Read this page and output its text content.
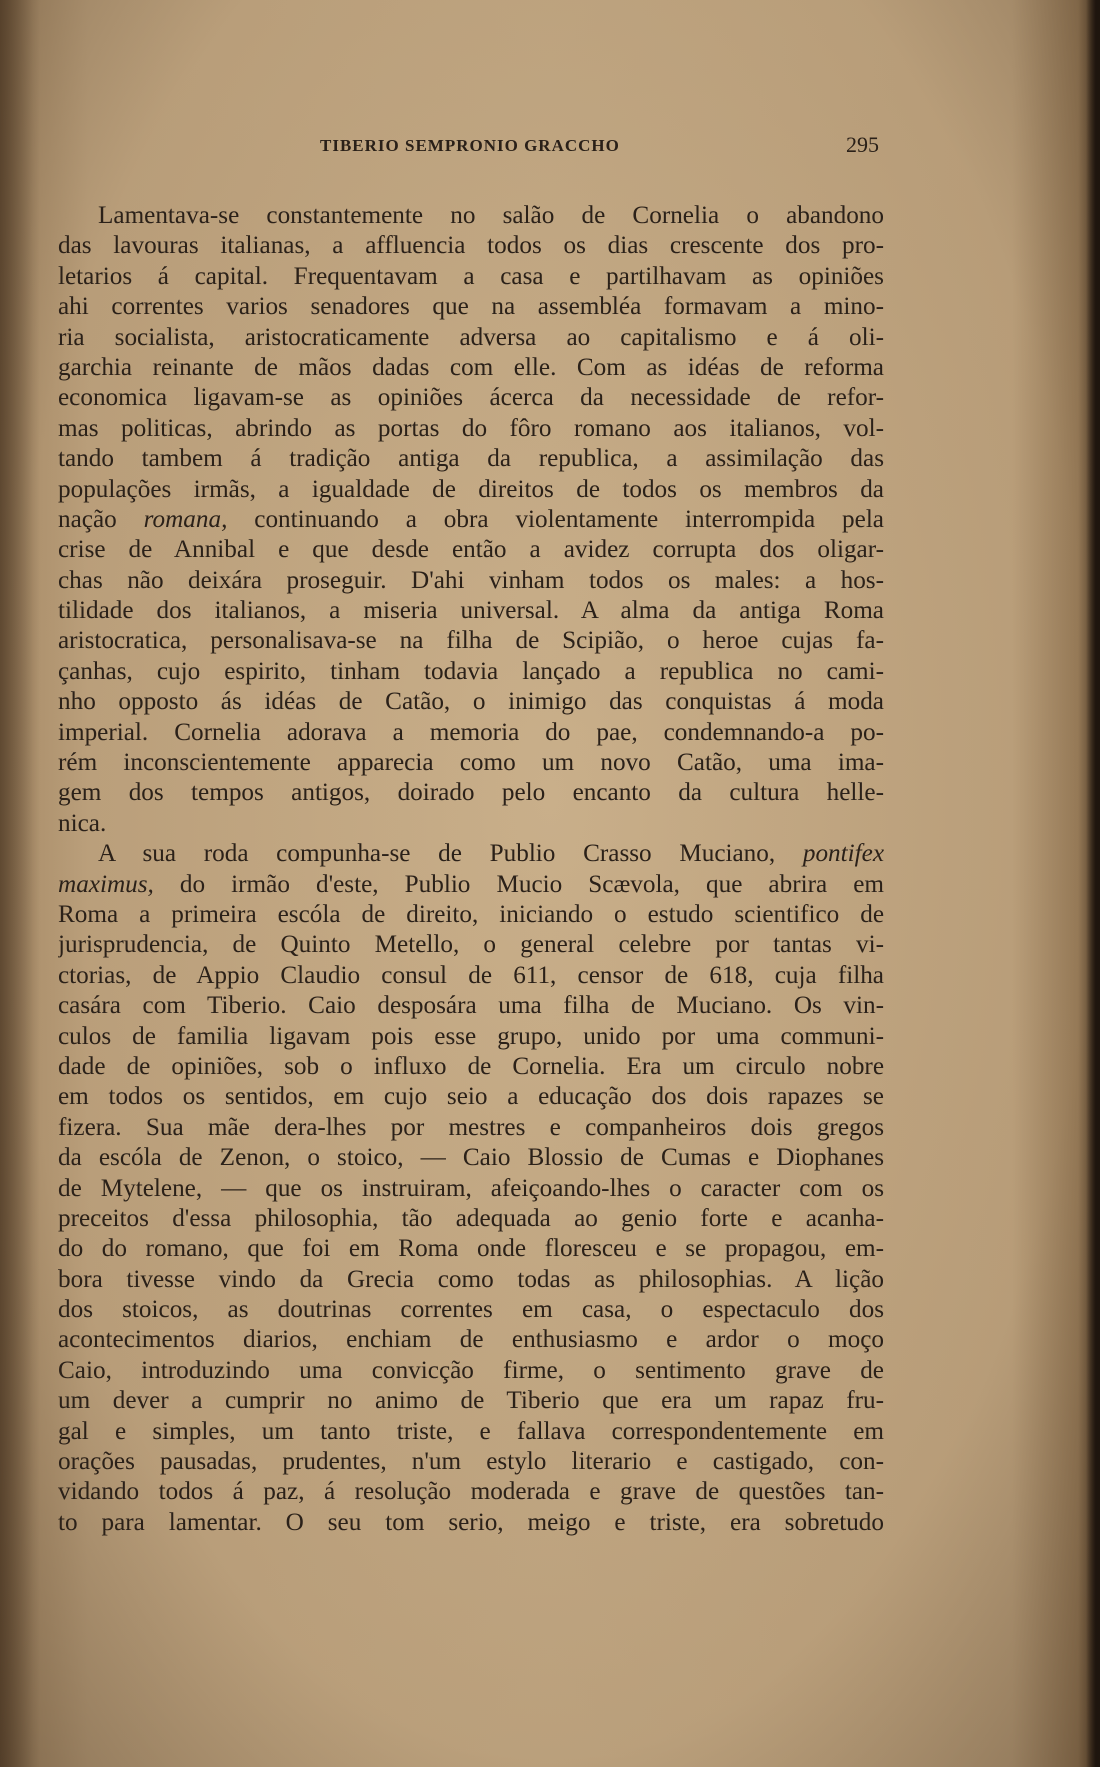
TIBERIO SEMPRONIO GRACCHO	295
Lamentava-se constantemente no salão de Cornelia o abandono
das lavouras italianas, a affluencia todos os dias crescente dos pro-
letarios á capital. Frequentavam a casa e partilhavam as opiniões
ahi correntes varios senadores que na assembléa formavam a mino-
ria socialista, aristocraticamente adversa ao capitalismo e á oli-
garchia reinante de mãos dadas com elle. Com as idéas de reforma
economica ligavam-se as opiniões ácerca da necessidade de refor-
mas politicas, abrindo as portas do fôro romano aos italianos, vol-
tando tambem á tradição antiga da republica, a assimilação das
populações irmãs, a igualdade de direitos de todos os membros da
nação romana, continuando a obra violentamente interrompida pela
crise de Annibal e que desde então a avidez corrupta dos oligar-
chas não deixára proseguir. D'ahi vinham todos os males: a hos-
tilidade dos italianos, a miseria universal. A alma da antiga Roma
aristocratica, personalisava-se na filha de Scipião, o heroe cujas fa-
çanhas, cujo espirito, tinham todavia lançado a republica no cami-
nho opposto ás idéas de Catão, o inimigo das conquistas á moda
imperial. Cornelia adorava a memoria do pae, condemnando-a po-
rém inconscientemente apparecia como um novo Catão, uma ima-
gem dos tempos antigos, doirado pelo encanto da cultura helle-
nica.
A sua roda compunha-se de Publio Crasso Muciano, pontifex
maximus, do irmão d'este, Publio Mucio Scævola, que abrira em
Roma a primeira escóla de direito, iniciando o estudo scientifico de
jurisprudencia, de Quinto Metello, o general celebre por tantas vi-
ctorias, de Appio Claudio consul de 611, censor de 618, cuja filha
casára com Tiberio. Caio desposára uma filha de Muciano. Os vin-
culos de familia ligavam pois esse grupo, unido por uma communi-
dade de opiniões, sob o influxo de Cornelia. Era um circulo nobre
em todos os sentidos, em cujo seio a educação dos dois rapazes se
fizera. Sua mãe dera-lhes por mestres e companheiros dois gregos
da escóla de Zenon, o stoico, — Caio Blossio de Cumas e Diophanes
de Mytelene, — que os instruiram, afeiçoando-lhes o caracter com os
preceitos d'essa philosophia, tão adequada ao genio forte e acanha-
do do romano, que foi em Roma onde floresceu e se propagou, em-
bora tivesse vindo da Grecia como todas as philosophias. A lição
dos stoicos, as doutrinas correntes em casa, o espectaculo dos
acontecimentos diarios, enchiam de enthusiasmo e ardor o moço
Caio, introduzindo uma convicção firme, o sentimento grave de
um dever a cumprir no animo de Tiberio que era um rapaz fru-
gal e simples, um tanto triste, e fallava correspondentemente em
orações pausadas, prudentes, n'um estylo literario e castigado, con-
vidando todos á paz, á resolução moderada e grave de questões tan-
to para lamentar. O seu tom serio, meigo e triste, era sobretudo
